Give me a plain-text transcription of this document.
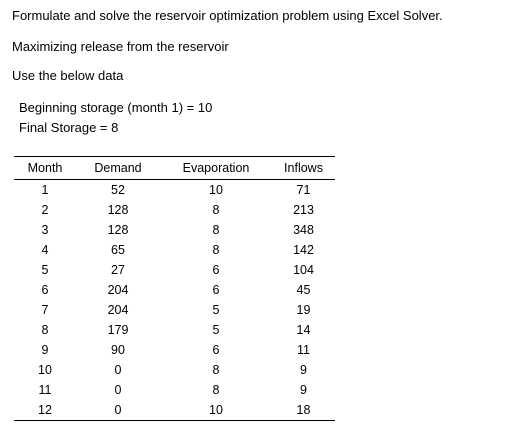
Formulate and solve the reservoir optimization problem using Excel Solver.
Maximizing release from the reservoir
Use the below data
Beginning storage (month 1) = 10
Final Storage = 8
Month	Demand	Evaporation	Inflows
1	52	10	71
2	128	8	213
3	128	8	348
4	65	8	142
5	27	6	104
6	204	6	45
7	204	5	19
8	179	5	14
9	90	6	11
10	0	8	9
11	0	8	9
12	0	10	18
